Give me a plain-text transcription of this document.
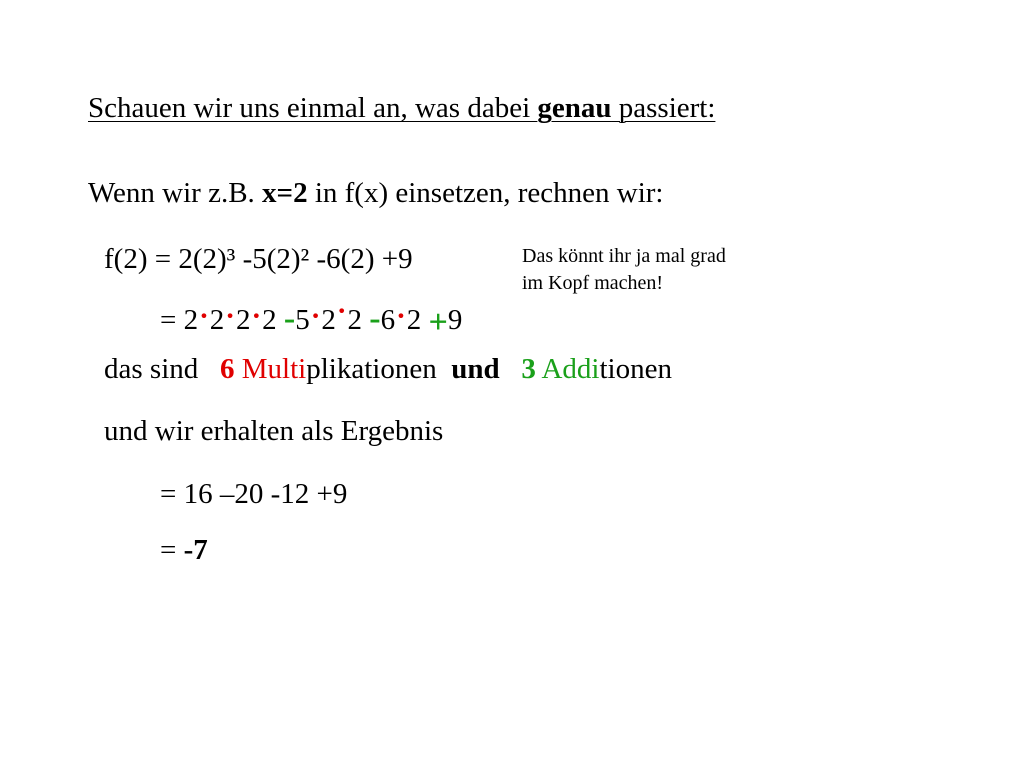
Schauen wir uns einmal an, was dabei genau passiert:
Wenn wir z.B. x=2 in f(x) einsetzen, rechnen wir:
f(2) = 2(2)³ -5(2)² -6(2) +9	Das könnt ihr ja mal grad
im Kopf machen!
= 2·2·2·2 -5·2·2 -6·2 +9
das sind   6 Multiplikationen  und 3 Additionen
und wir erhalten als Ergebnis
= 16 –20 -12 +9
= -7
